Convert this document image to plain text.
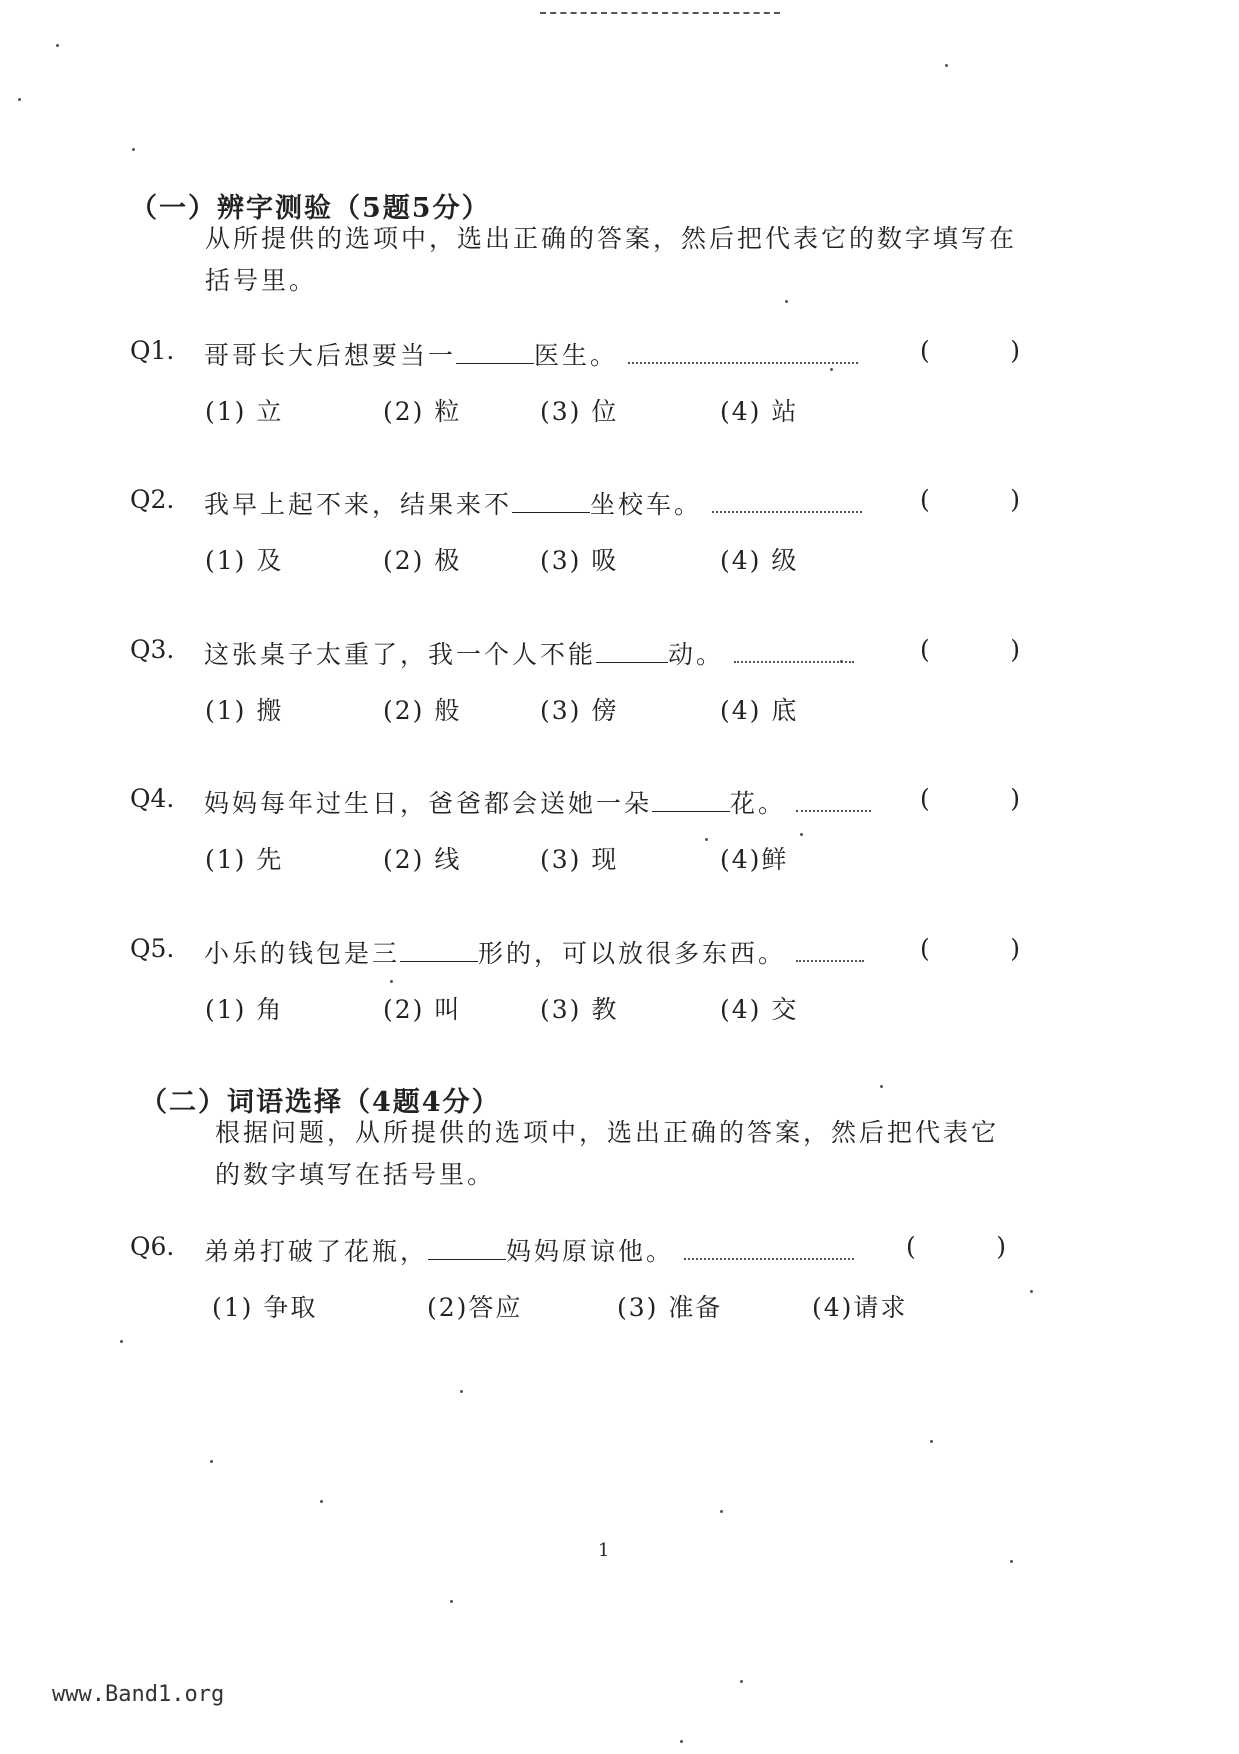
（一）辨字测验（5题5分）
从所提供的选项中，选出正确的答案，然后把代表它的数字填写在括号里。
Q1. 哥哥长大后想要当一	医生。	(	)
(1) 立	(2) 粒	(3) 位	(4) 站
Q2. 我早上起不来，结果来不	坐校车。	(	)
(1) 及	(2) 极	(3) 吸	(4) 级
Q3. 这张桌子太重了，我一个人不能	动。	(	)
(1) 搬	(2) 般	(3) 傍	(4) 底
Q4. 妈妈每年过生日，爸爸都会送她一朵	花。	(	)
(1) 先	(2) 线	(3) 现	(4)鲜
Q5. 小乐的钱包是三	形的，可以放很多东西。	(	)
(1) 角	(2) 叫	(3) 教	(4) 交
（二）词语选择（4题4分）
根据问题，从所提供的选项中，选出正确的答案，然后把代表它的数字填写在括号里。
Q6. 弟弟打破了花瓶，	妈妈原谅他。	(	)
(1) 争取	(2)答应	(3) 准备	(4)请求
1
www.Band1.org
